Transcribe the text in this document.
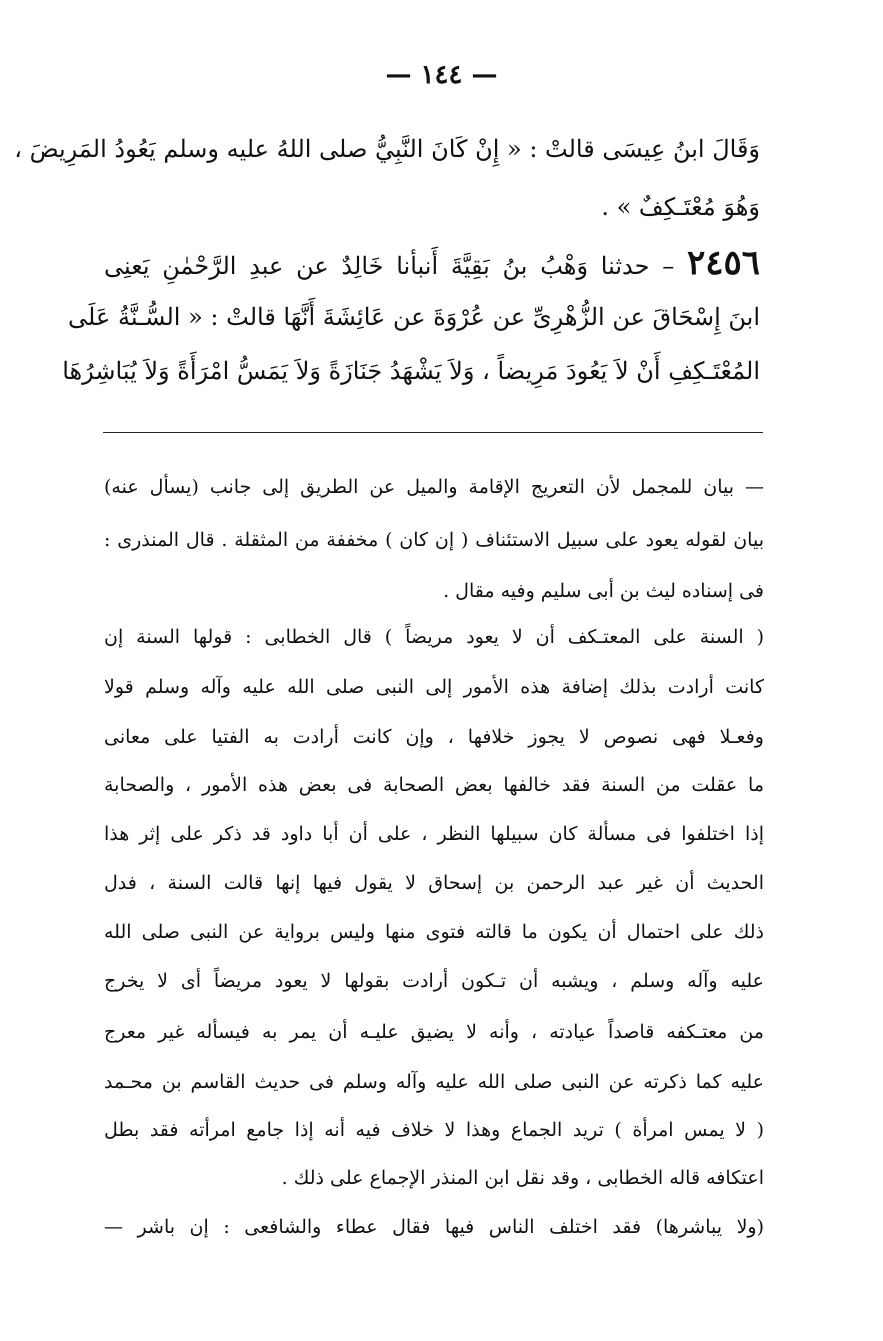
— ١٤٤ —
وَقَالَ ابنُ عِيسَى قالتْ : « إِنْ كَانَ النَّبِيُّ صلى اللهُ عليه وسلم يَعُودُ المَرِيضَ ،
وَهُوَ مُعْتَـكِفٌ » .
٢٤٥٦ – حدثنا وَهْبُ بنُ بَقِيَّةَ أَنبأنا خَالِدٌ عن عبدِ الرَّحْمٰنِ يَعنِى
ابنَ إِسْحَاقَ عن الزُّهْرِىِّ عن عُرْوَةَ عن عَائِشَةَ أَنَّهَا قالتْ : « السُّـنَّةُ عَلَى
المُعْتَـكِفِ أَنْ لاَ يَعُودَ مَرِيضاً ، وَلاَ يَشْهَدُ جَنَازَةً وَلاَ يَمَسُّ امْرَأَةً وَلاَ يُبَاشِرُهَا
— بيان للمجمل لأن التعريج الإقامة والميل عن الطريق إلى جانب (يسأل عنه)
بيان لقوله يعود على سبيل الاستئناف ( إن كان ) مخففة من المثقلة . قال المنذرى :
فى إسناده ليث بن أبى سليم وفيه مقال .
( السنة على المعتـكف أن لا يعود مريضاً ) قال الخطابى : قولها السنة إن
كانت أرادت بذلك إضافة هذه الأمور إلى النبى صلى الله عليه وآله وسلم قولا
وفعـلا فهى نصوص لا يجوز خلافها ، وإن كانت أرادت به الفتيا على معانى
ما عقلت من السنة فقد خالفها بعض الصحابة فى بعض هذه الأمور ، والصحابة
إذا اختلفوا فى مسألة كان سبيلها النظر ، على أن أبا داود قد ذكر على إثر هذا
الحديث أن غير عبد الرحمن بن إسحاق لا يقول فيها إنها قالت السنة ، فدل
ذلك على احتمال أن يكون ما قالته فتوى منها وليس برواية عن النبى صلى الله
عليه وآله وسلم ، ويشبه أن تـكون أرادت بقولها لا يعود مريضاً أى لا يخرج
من معتـكفه قاصداً عيادته ، وأنه لا يضيق عليـه أن يمر به فيسأله غير معرج
عليه كما ذكرته عن النبى صلى الله عليه وآله وسلم فى حديث القاسم بن محـمد
( لا يمس امرأة ) تريد الجماع وهذا لا خلاف فيه أنه إذا جامع امرأته فقد بطل
اعتكافه قاله الخطابى ، وقد نقل ابن المنذر الإجماع على ذلك .
(ولا يباشرها) فقد اختلف الناس فيها فقال عطاء والشافعى : إن باشر —
